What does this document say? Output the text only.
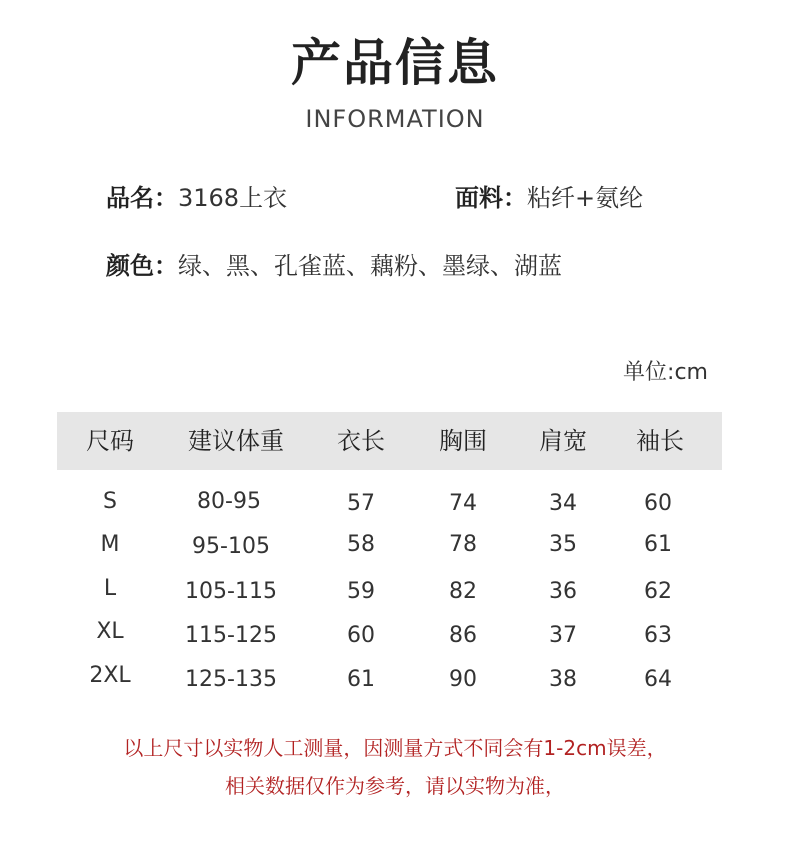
产品信息
INFORMATION
品名：3168上衣	面料：粘纤+氨纶
颜色：绿、黑、孔雀蓝、藕粉、墨绿、湖蓝
单位:cm
尺码	建议体重	衣长	胸围	肩宽	袖长
S	80-95	57	74	34	60
M	95-105	58	78	35	61
L	105-115	59	82	36	62
XL	115-125	60	86	37	63
2XL	125-135	61	90	38	64
以上尺寸以实物人工测量，因测量方式不同会有1-2cm误差，
相关数据仅作为参考，请以实物为准，
